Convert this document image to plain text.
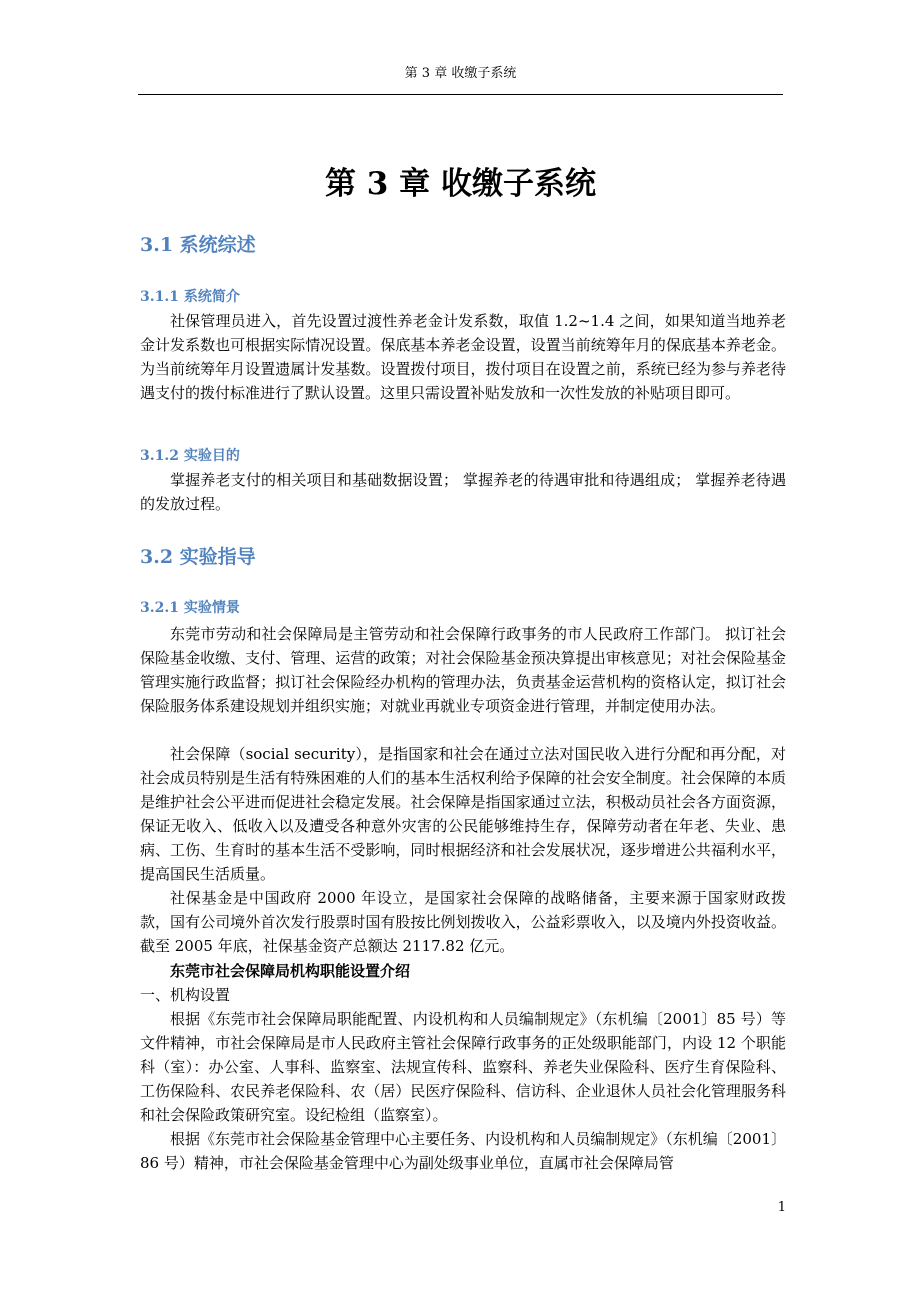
第 3 章 收缴子系统
第 3 章 收缴子系统
3.1 系统综述
3.1.1 系统简介

社保管理员进入，首先设置过渡性养老金计发系数，取值 1.2~1.4 之间，如果知道当地养老金计发系数也可根据实际情况设置。保底基本养老金设置，设置当前统筹年月的保底基本养老金。为当前统筹年月设置遗属计发基数。设置拨付项目，拨付项目在设置之前，系统已经为参与养老待遇支付的拨付标准进行了默认设置。这里只需设置补贴发放和一次性发放的补贴项目即可。

3.1.2 实验目的

掌握养老支付的相关项目和基础数据设置； 掌握养老的待遇审批和待遇组成； 掌握养老待遇的发放过程。

3.2 实验指导
3.2.1 实验情景

东莞市劳动和社会保障局是主管劳动和社会保障行政事务的市人民政府工作部门。 拟订社会保险基金收缴、支付、管理、运营的政策；对社会保险基金预决算提出审核意见；对社会保险基金管理实施行政监督；拟订社会保险经办机构的管理办法，负责基金运营机构的资格认定，拟订社会保险服务体系建设规划并组织实施；对就业再就业专项资金进行管理，并制定使用办法。

社会保障（social security），是指国家和社会在通过立法对国民收入进行分配和再分配，对社会成员特别是生活有特殊困难的人们的基本生活权利给予保障的社会安全制度。社会保障的本质是维护社会公平进而促进社会稳定发展。社会保障是指国家通过立法，积极动员社会各方面资源，保证无收入、低收入以及遭受各种意外灾害的公民能够维持生存，保障劳动者在年老、失业、患病、工伤、生育时的基本生活不受影响，同时根据经济和社会发展状况，逐步增进公共福利水平，提高国民生活质量。

社保基金是中国政府 2000 年设立，是国家社会保障的战略储备，主要来源于国家财政拨款，国有公司境外首次发行股票时国有股按比例划拨收入，公益彩票收入，以及境内外投资收益。截至 2005 年底，社保基金资产总额达 2117.82 亿元。

东莞市社会保障局机构职能设置介绍

一、机构设置

根据《东莞市社会保障局职能配置、内设机构和人员编制规定》（东机编〔2001〕85 号）等文件精神，市社会保障局是市人民政府主管社会保障行政事务的正处级职能部门，内设 12 个职能科（室）：办公室、人事科、监察室、法规宣传科、监察科、养老失业保险科、医疗生育保险科、工伤保险科、农民养老保险科、农（居）民医疗保险科、信访科、企业退休人员社会化管理服务科和社会保险政策研究室。设纪检组（监察室）。

根据《东莞市社会保险基金管理中心主要任务、内设机构和人员编制规定》（东机编〔2001〕86 号）精神，市社会保险基金管理中心为副处级事业单位，直属市社会保障局管

1
